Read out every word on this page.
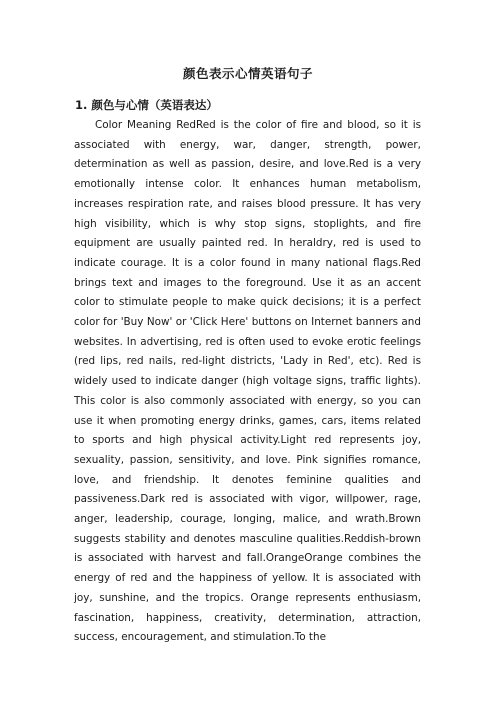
颜色表示心情英语句子
1. 颜色与心情（英语表达）

Color Meaning RedRed is the color of fire and blood, so it is associated with energy, war, danger, strength, power, determination as well as passion, desire, and love.Red is a very emotionally intense color. It enhances human metabolism, increases respiration rate, and raises blood pressure. It has very high visibility, which is why stop signs, stoplights, and fire equipment are usually painted red. In heraldry, red is used to indicate courage. It is a color found in many national flags.Red brings text and images to the foreground. Use it as an accent color to stimulate people to make quick decisions; it is a perfect color for 'Buy Now' or 'Click Here' buttons on Internet banners and websites. In advertising, red is often used to evoke erotic feelings (red lips, red nails, red-light districts, 'Lady in Red', etc). Red is widely used to indicate danger (high voltage signs, traffic lights). This color is also commonly associated with energy, so you can use it when promoting energy drinks, games, cars, items related to sports and high physical activity.Light red represents joy, sexuality, passion, sensitivity, and love. Pink signifies romance, love, and friendship. It denotes feminine qualities and passiveness.Dark red is associated with vigor, willpower, rage, anger, leadership, courage, longing, malice, and wrath.Brown suggests stability and denotes masculine qualities.Reddish-brown is associated with harvest and fall.OrangeOrange combines the energy of red and the happiness of yellow. It is associated with joy, sunshine, and the tropics. Orange represents enthusiasm, fascination, happiness, creativity, determination, attraction, success, encouragement, and stimulation.To the
